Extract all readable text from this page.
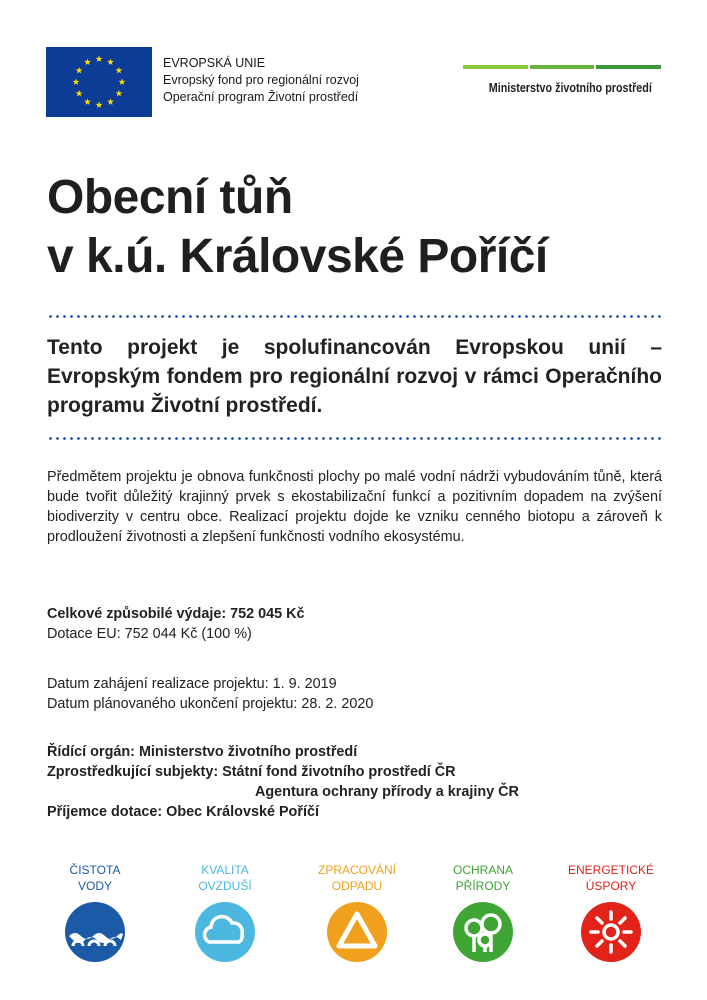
EVROPSKÁ UNIE
Evropský fond pro regionální rozvoj
Operační program Životní prostředí
Ministerstvo životního prostředí
Obecní tůň
v k.ú. Královské Poříčí

Tento projekt je spolufinancován Evropskou unií – Evropským fondem pro regionální rozvoj v rámci Operačního programu Životní prostředí.

Předmětem projektu je obnova funkčnosti plochy po malé vodní nádrži vybudováním tůně, která bude tvořit důležitý krajinný prvek s ekostabilizační funkcí a pozitivním dopadem na zvýšení biodiverzity v centru obce. Realizací projektu dojde ke vzniku cenného biotopu a zároveň k prodloužení životnosti a zlepšení funkčnosti vodního ekosystému.

Celkové způsobilé výdaje: 752 045 Kč
Dotace EU: 752 044 Kč (100 %)
Datum zahájení realizace projektu: 1. 9. 2019
Datum plánovaného ukončení projektu: 28. 2. 2020
Řídící orgán: Ministerstvo životního prostředí
Zprostředkující subjekty: Státní fond životního prostředí ČR
Agentura ochrany přírody a krajiny ČR
Příjemce dotace: Obec Královské Poříčí
ČISTOTA
VODY
KVALITA
OVZDUŠÍ
ZPRACOVÁNÍ
ODPADU
OCHRANA
PŘÍRODY
ENERGETICKÉ
ÚSPORY
